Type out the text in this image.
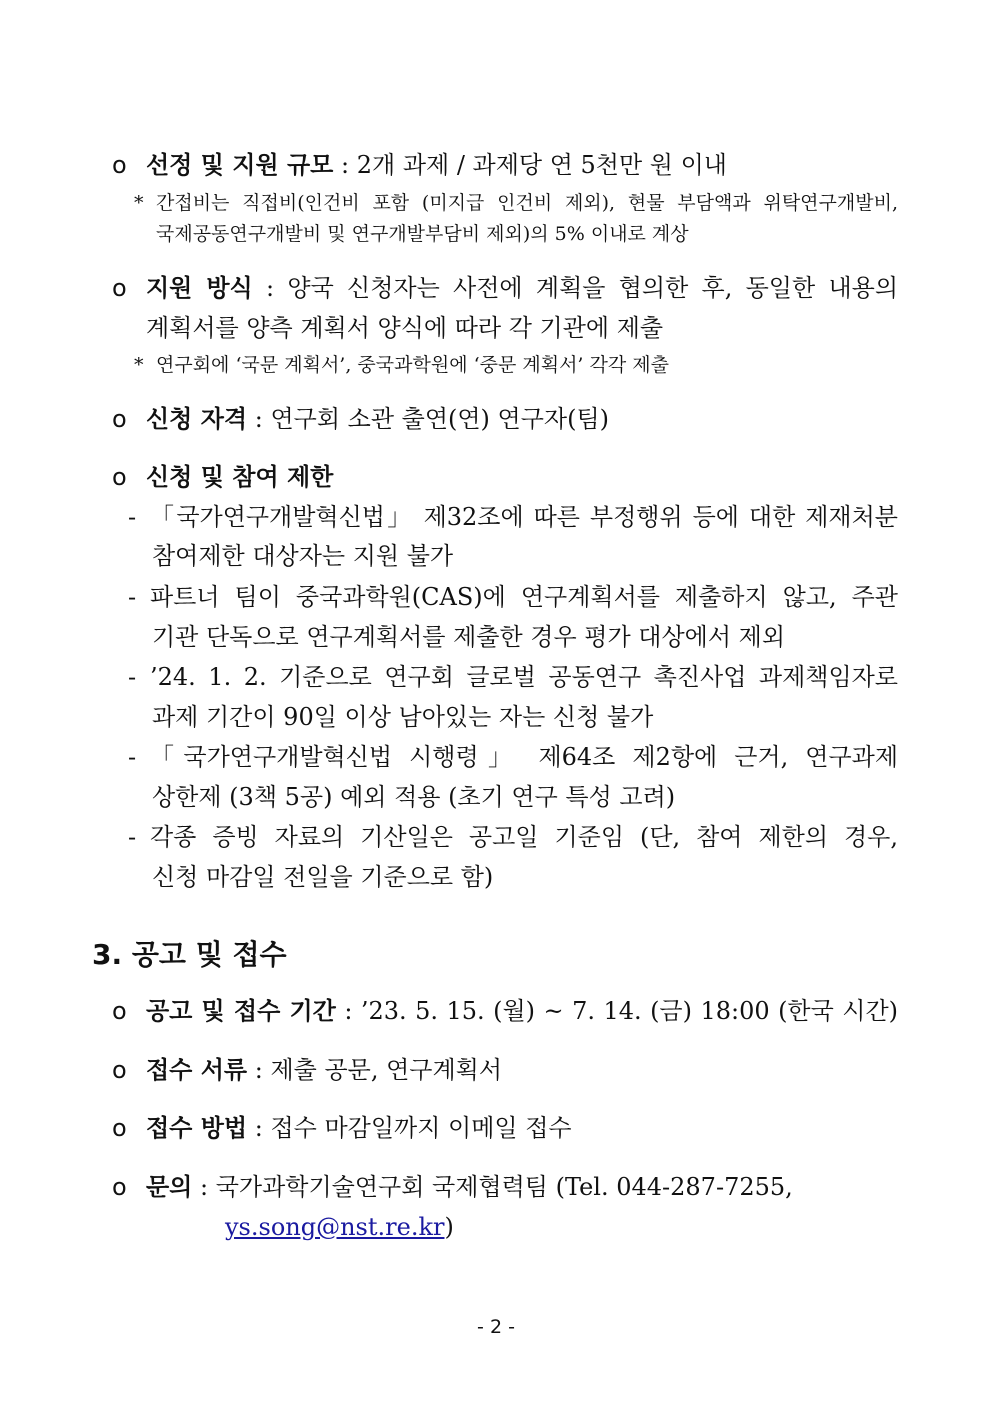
o 선정 및 지원 규모 : 2개 과제 / 과제당 연 5천만 원 이내
* 간접비는 직접비(인건비 포함 (미지급 인건비 제외), 현물 부담액과 위탁연구개발비,
국제공동연구개발비 및 연구개발부담비 제외)의 5% 이내로 계상
o 지원 방식 : 양국 신청자는 사전에 계획을 협의한 후, 동일한 내용의
계획서를 양측 계획서 양식에 따라 각 기관에 제출
* 연구회에 ‘국문 계획서’, 중국과학원에 ‘중문 계획서’ 각각 제출
o 신청 자격 : 연구회 소관 출연(연) 연구자(팀)
o 신청 및 참여 제한
- 「국가연구개발혁신법」 제32조에 따른 부정행위 등에 대한 제재처분
참여제한 대상자는 지원 불가
- 파트너 팀이 중국과학원(CAS)에 연구계획서를 제출하지 않고, 주관
기관 단독으로 연구계획서를 제출한 경우 평가 대상에서 제외
- ’24. 1. 2. 기준으로 연구회 글로벌 공동연구 촉진사업 과제책임자로
과제 기간이 90일 이상 남아있는 자는 신청 불가
- 「국가연구개발혁신법 시행령」 제64조 제2항에 근거, 연구과제
상한제 (3책 5공) 예외 적용 (초기 연구 특성 고려)
- 각종 증빙 자료의 기산일은 공고일 기준임 (단, 참여 제한의 경우,
신청 마감일 전일을 기준으로 함)
3. 공고 및 접수
o 공고 및 접수 기간 : ’23. 5. 15. (월) ~ 7. 14. (금) 18:00 (한국 시간)
o 접수 서류 : 제출 공문, 연구계획서
o 접수 방법 : 접수 마감일까지 이메일 접수
o 문의 : 국가과학기술연구회 국제협력팀 (Tel. 044-287-7255,
ys.song@nst.re.kr)
- 2 -
